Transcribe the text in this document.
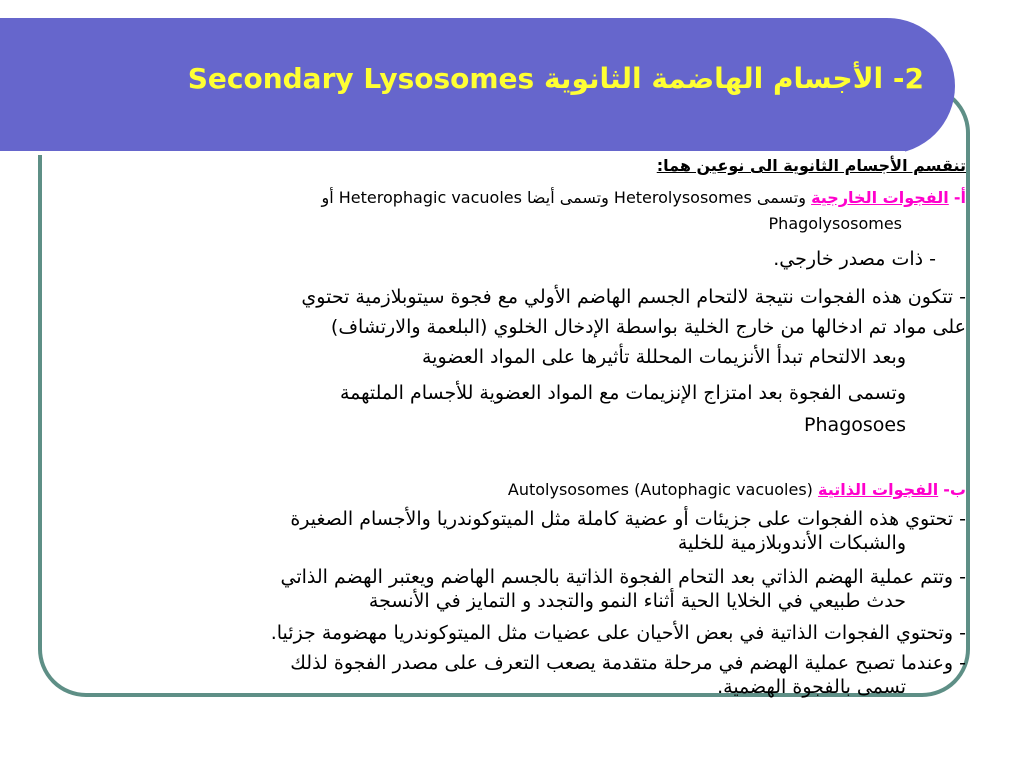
2- الأجسام الهاضمة الثانوية Secondary Lysosomes
تنقسم الأجسام الثانوية الى نوعين هما:
أ- الفجوات الخارجية وتسمى Heterolysosomes وتسمى أيضا Heterophagic vacuoles أو
Phagolysosomes
- ذات مصدر خارجي.
- تتكون هذه الفجوات نتيجة لالتحام الجسم الهاضم الأولي مع فجوة سيتوبلازمية تحتوي
على مواد تم ادخالها من خارج الخلية بواسطة الإدخال الخلوي (البلعمة والارتشاف)
وبعد الالتحام تبدأ الأنزيمات المحللة تأثيرها على المواد العضوية
وتسمى الفجوة بعد امتزاج الإنزيمات مع المواد العضوية للأجسام الملتهمة
Phagosoes
ب- الفجوات الذاتية Autolysosomes (Autophagic vacuoles)
- تحتوي هذه الفجوات على جزيئات أو عضية كاملة مثل الميتوكوندريا والأجسام الصغيرة
والشبكات الأندوبلازمية للخلية
- وتتم عملية الهضم الذاتي بعد التحام الفجوة الذاتية بالجسم الهاضم ويعتبر الهضم الذاتي
حدث طبيعي في الخلايا الحية أثناء النمو والتجدد و التمايز في الأنسجة
- وتحتوي الفجوات الذاتية في بعض الأحيان على عضيات مثل الميتوكوندريا مهضومة جزئيا.
- وعندما تصبح عملية الهضم في مرحلة متقدمة يصعب التعرف على مصدر الفجوة لذلك
تسمى بالفجوة الهضمية.
